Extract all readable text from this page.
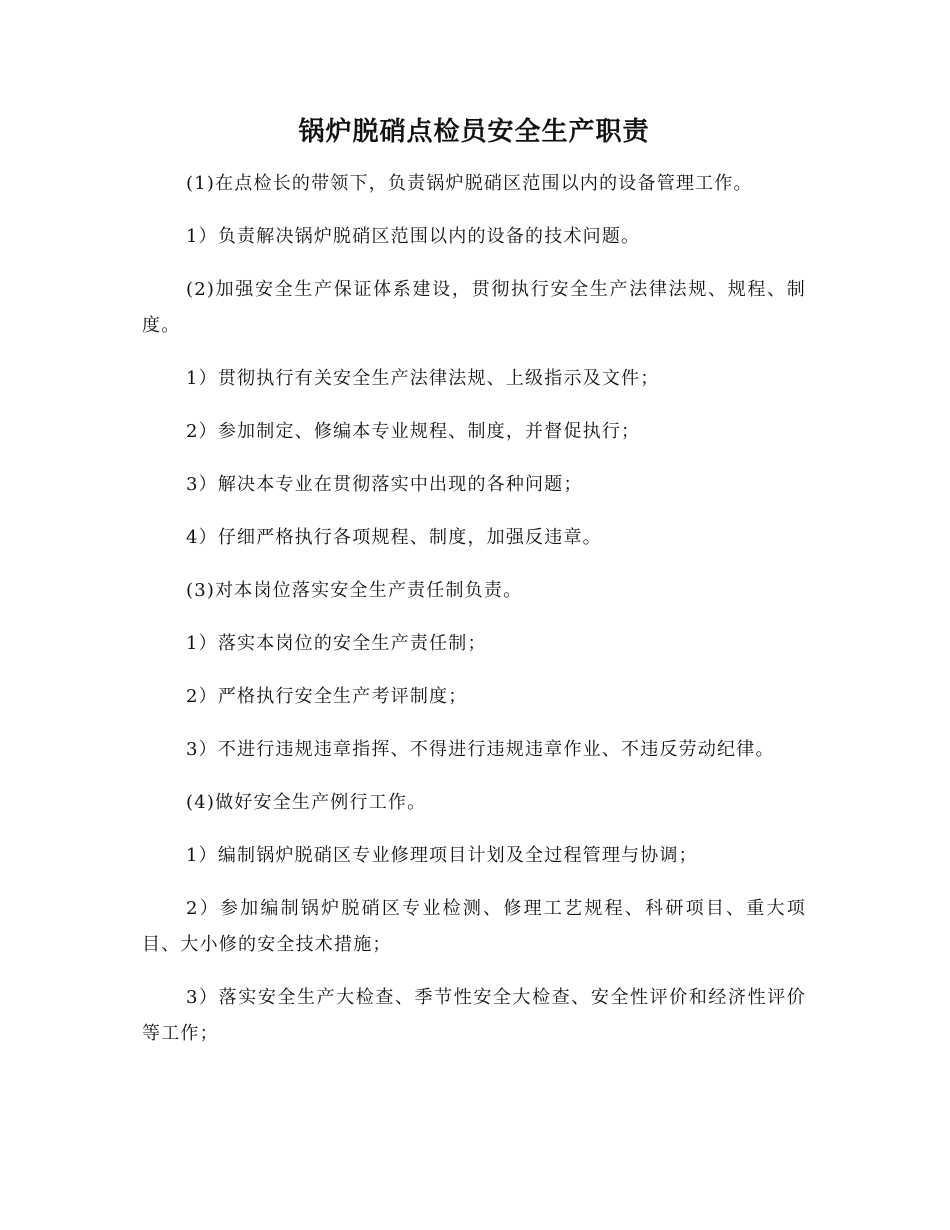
锅炉脱硝点检员安全生产职责

(1)在点检长的带领下，负责锅炉脱硝区范围以内的设备管理工作。

1）负责解决锅炉脱硝区范围以内的设备的技术问题。

(2)加强安全生产保证体系建设，贯彻执行安全生产法律法规、规程、制度。

1）贯彻执行有关安全生产法律法规、上级指示及文件；

2）参加制定、修编本专业规程、制度，并督促执行；

3）解决本专业在贯彻落实中出现的各种问题；

4）仔细严格执行各项规程、制度，加强反违章。

(3)对本岗位落实安全生产责任制负责。

1）落实本岗位的安全生产责任制；

2）严格执行安全生产考评制度；

3）不进行违规违章指挥、不得进行违规违章作业、不违反劳动纪律。

(4)做好安全生产例行工作。

1）编制锅炉脱硝区专业修理项目计划及全过程管理与协调；

2）参加编制锅炉脱硝区专业检测、修理工艺规程、科研项目、重大项目、大小修的安全技术措施；

3）落实安全生产大检查、季节性安全大检查、安全性评价和经济性评价等工作；
